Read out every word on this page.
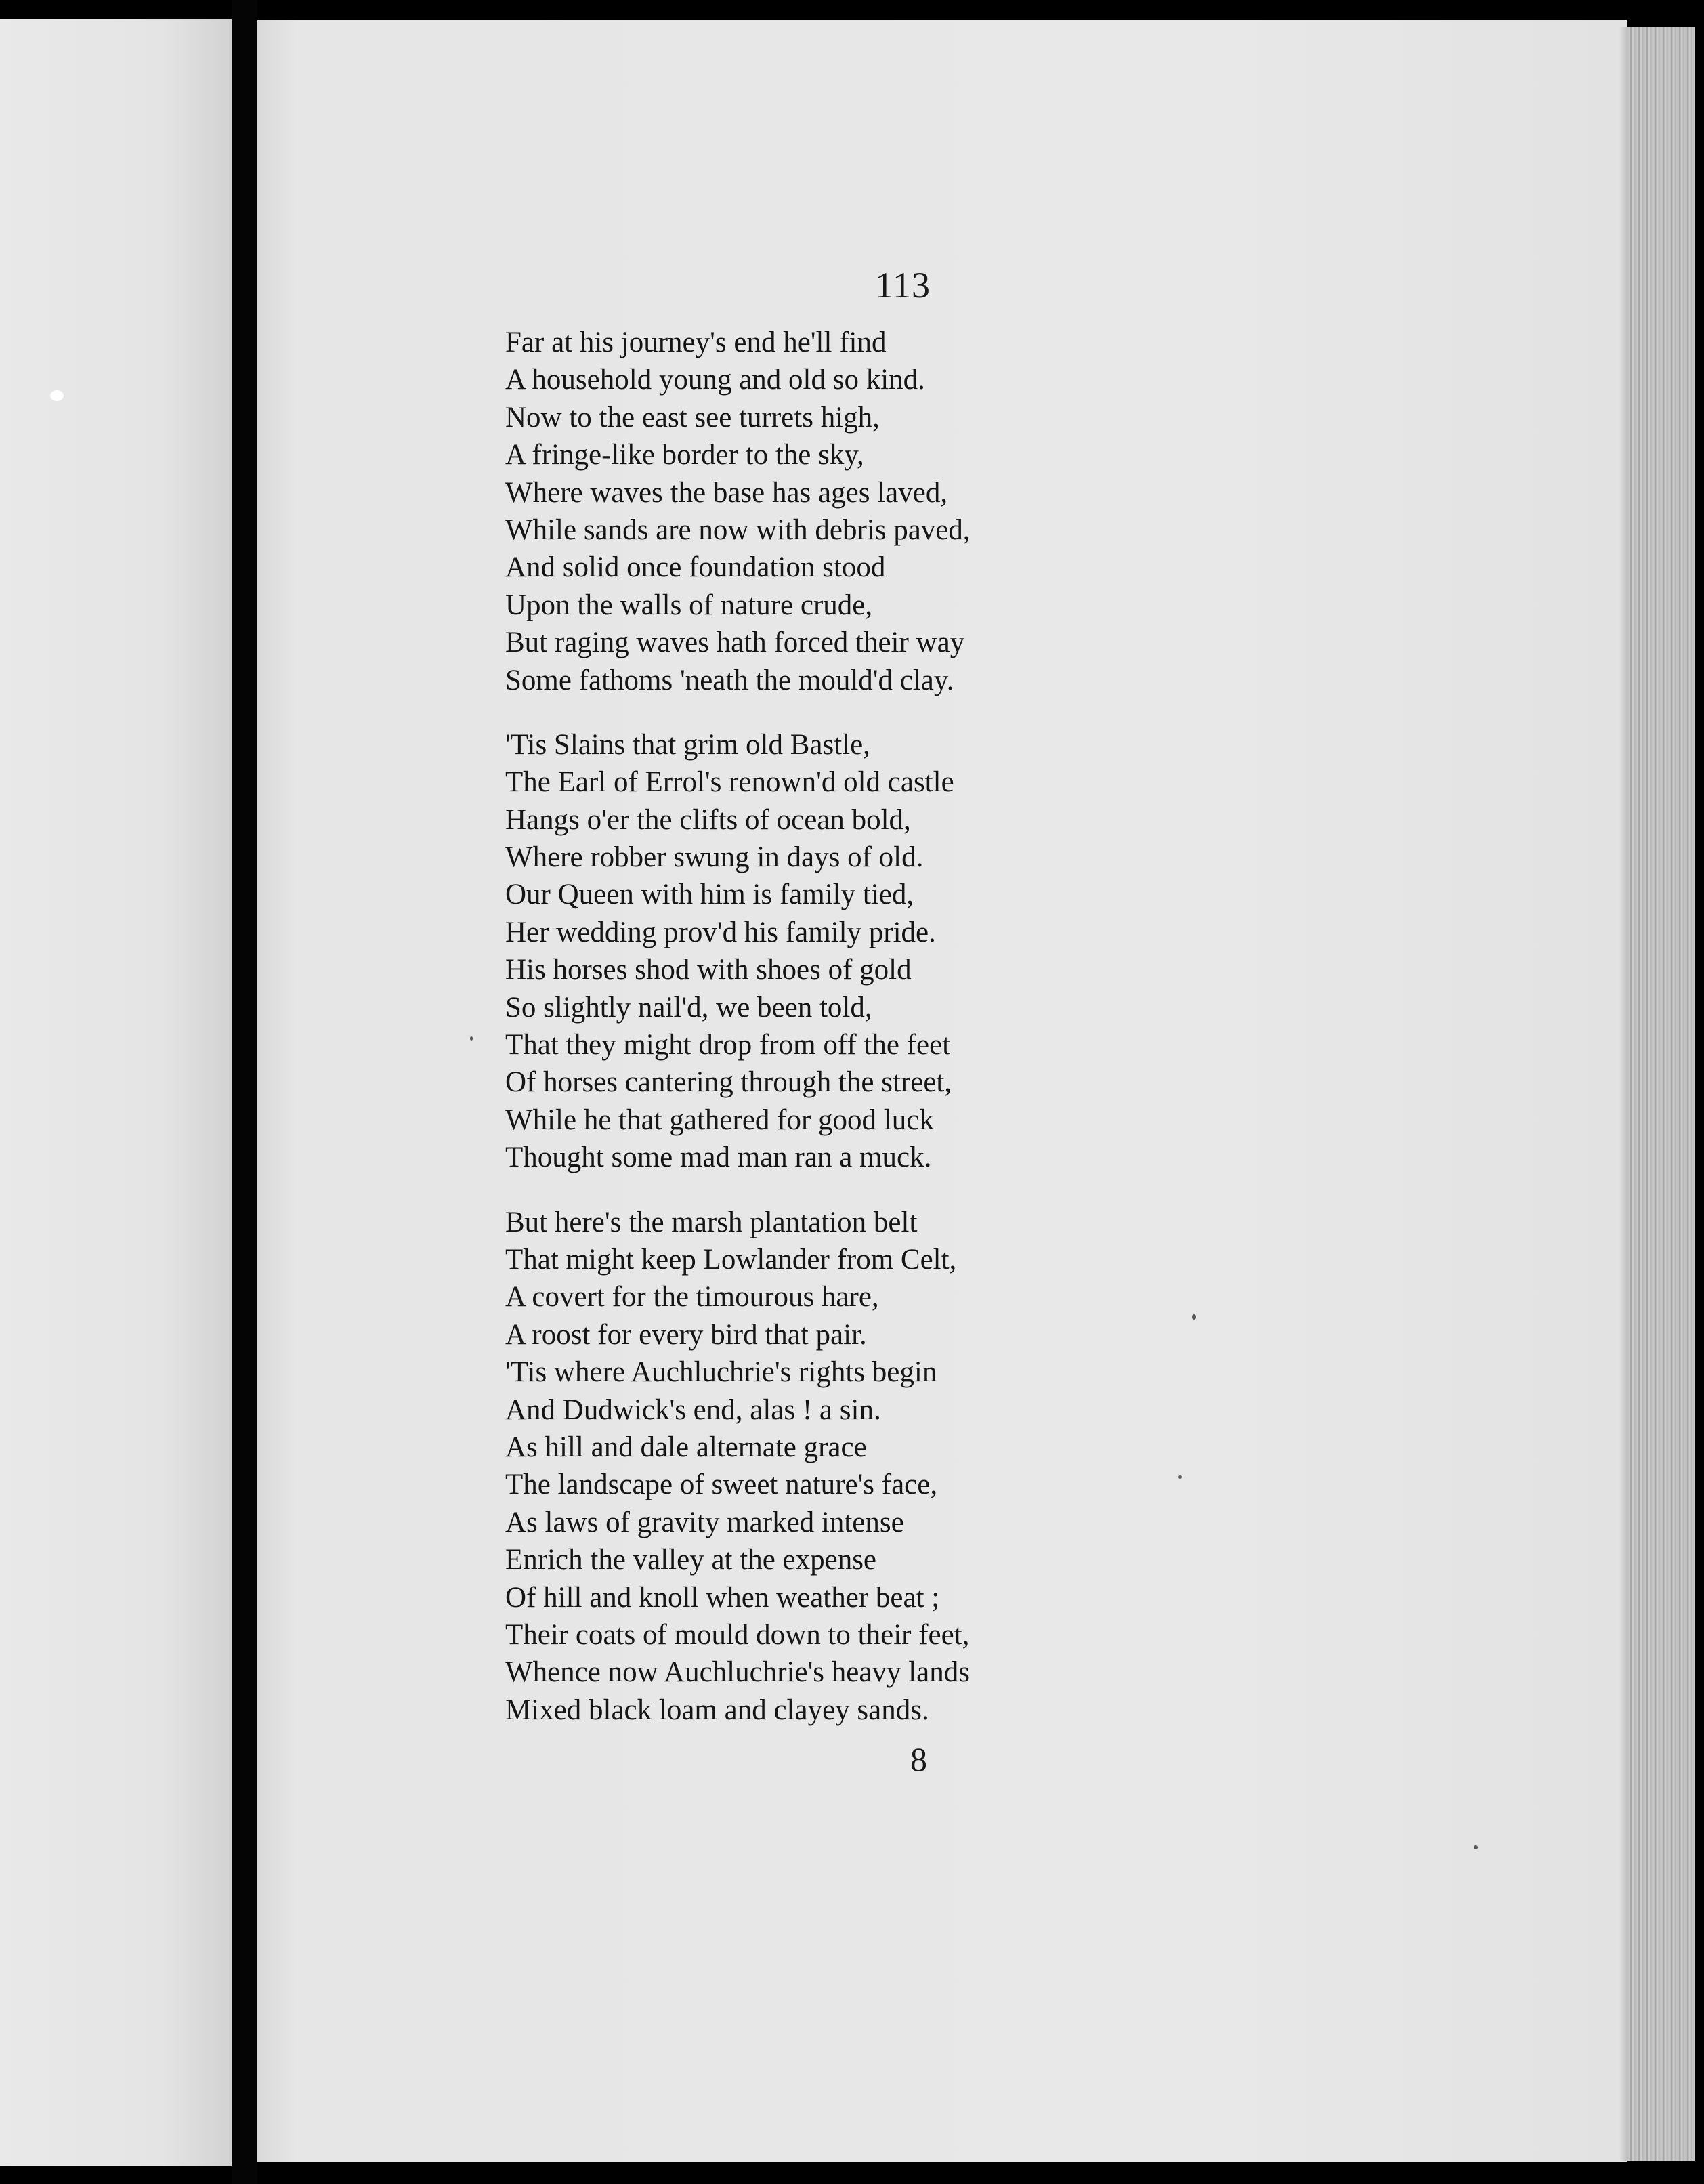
113
Far at his journey's end he'll find
A household young and old so kind.
Now to the east see turrets high,
A fringe-like border to the sky,
Where waves the base has ages laved,
While sands are now with debris paved,
And solid once foundation stood
Upon the walls of nature crude,
But raging waves hath forced their way
Some fathoms 'neath the mould'd clay.
'Tis Slains that grim old Bastle,
The Earl of Errol's renown'd old castle
Hangs o'er the clifts of ocean bold,
Where robber swung in days of old.
Our Queen with him is family tied,
Her wedding prov'd his family pride.
His horses shod with shoes of gold
So slightly nail'd, we been told,
That they might drop from off the feet
Of horses cantering through the street,
While he that gathered for good luck
Thought some mad man ran a muck.
But here's the marsh plantation belt
That might keep Lowlander from Celt,
A covert for the timourous hare,
A roost for every bird that pair.
'Tis where Auchluchrie's rights begin
And Dudwick's end, alas ! a sin.
As hill and dale alternate grace
The landscape of sweet nature's face,
As laws of gravity marked intense
Enrich the valley at the expense
Of hill and knoll when weather beat ;
Their coats of mould down to their feet,
Whence now Auchluchrie's heavy lands
Mixed black loam and clayey sands.
8
